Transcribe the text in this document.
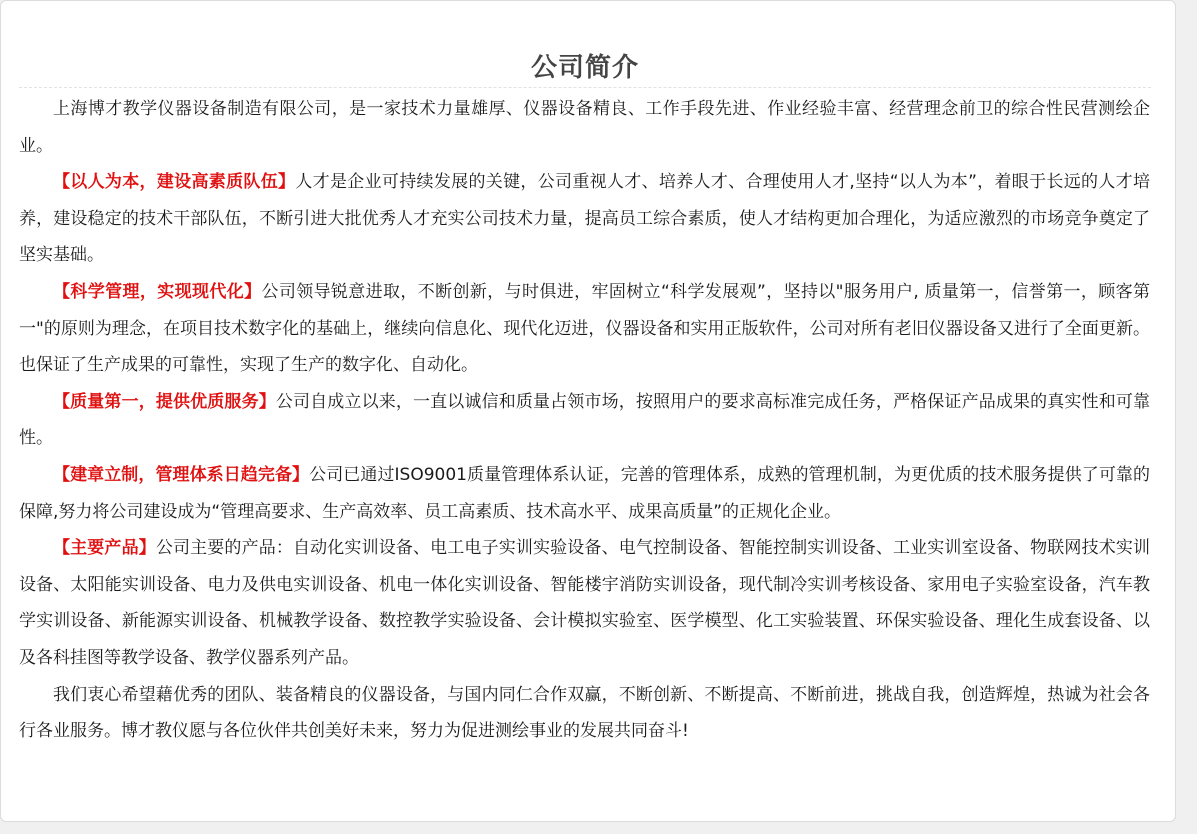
公司简介

上海博才教学仪器设备制造有限公司，是一家技术力量雄厚、仪器设备精良、工作手段先进、作业经验丰富、经营理念前卫的综合性民营测绘企业。

【以人为本，建设高素质队伍】人才是企业可持续发展的关键，公司重视人才、培养人才、合理使用人才,坚持“以人为本”，着眼于长远的人才培养，建设稳定的技术干部队伍，不断引进大批优秀人才充实公司技术力量，提高员工综合素质，使人才结构更加合理化，为适应激烈的市场竞争奠定了坚实基础。

【科学管理，实现现代化】公司领导锐意进取，不断创新，与时俱进，牢固树立“科学发展观”，坚持以"服务用户, 质量第一，信誉第一，顾客第一"的原则为理念，在项目技术数字化的基础上，继续向信息化、现代化迈进，仪器设备和实用正版软件，公司对所有老旧仪器设备又进行了全面更新。也保证了生产成果的可靠性，实现了生产的数字化、自动化。

【质量第一，提供优质服务】公司自成立以来，一直以诚信和质量占领市场，按照用户的要求高标准完成任务，严格保证产品成果的真实性和可靠性。

【建章立制，管理体系日趋完备】公司已通过ISO9001质量管理体系认证，完善的管理体系，成熟的管理机制，为更优质的技术服务提供了可靠的保障,努力将公司建设成为“管理高要求、生产高效率、员工高素质、技术高水平、成果高质量”的正规化企业。

【主要产品】公司主要的产品：自动化实训设备、电工电子实训实验设备、电气控制设备、智能控制实训设备、工业实训室设备、物联网技术实训设备、太阳能实训设备、电力及供电实训设备、机电一体化实训设备、智能楼宇消防实训设备，现代制冷实训考核设备、家用电子实验室设备，汽车教学实训设备、新能源实训设备、机械教学设备、数控教学实验设备、会计模拟实验室、医学模型、化工实验装置、环保实验设备、理化生成套设备、以及各科挂图等教学设备、教学仪器系列产品。

我们衷心希望藉优秀的团队、装备精良的仪器设备，与国内同仁合作双赢，不断创新、不断提高、不断前进，挑战自我，创造辉煌，热诚为社会各行各业服务。博才教仪愿与各位伙伴共创美好未来，努力为促进测绘事业的发展共同奋斗!
